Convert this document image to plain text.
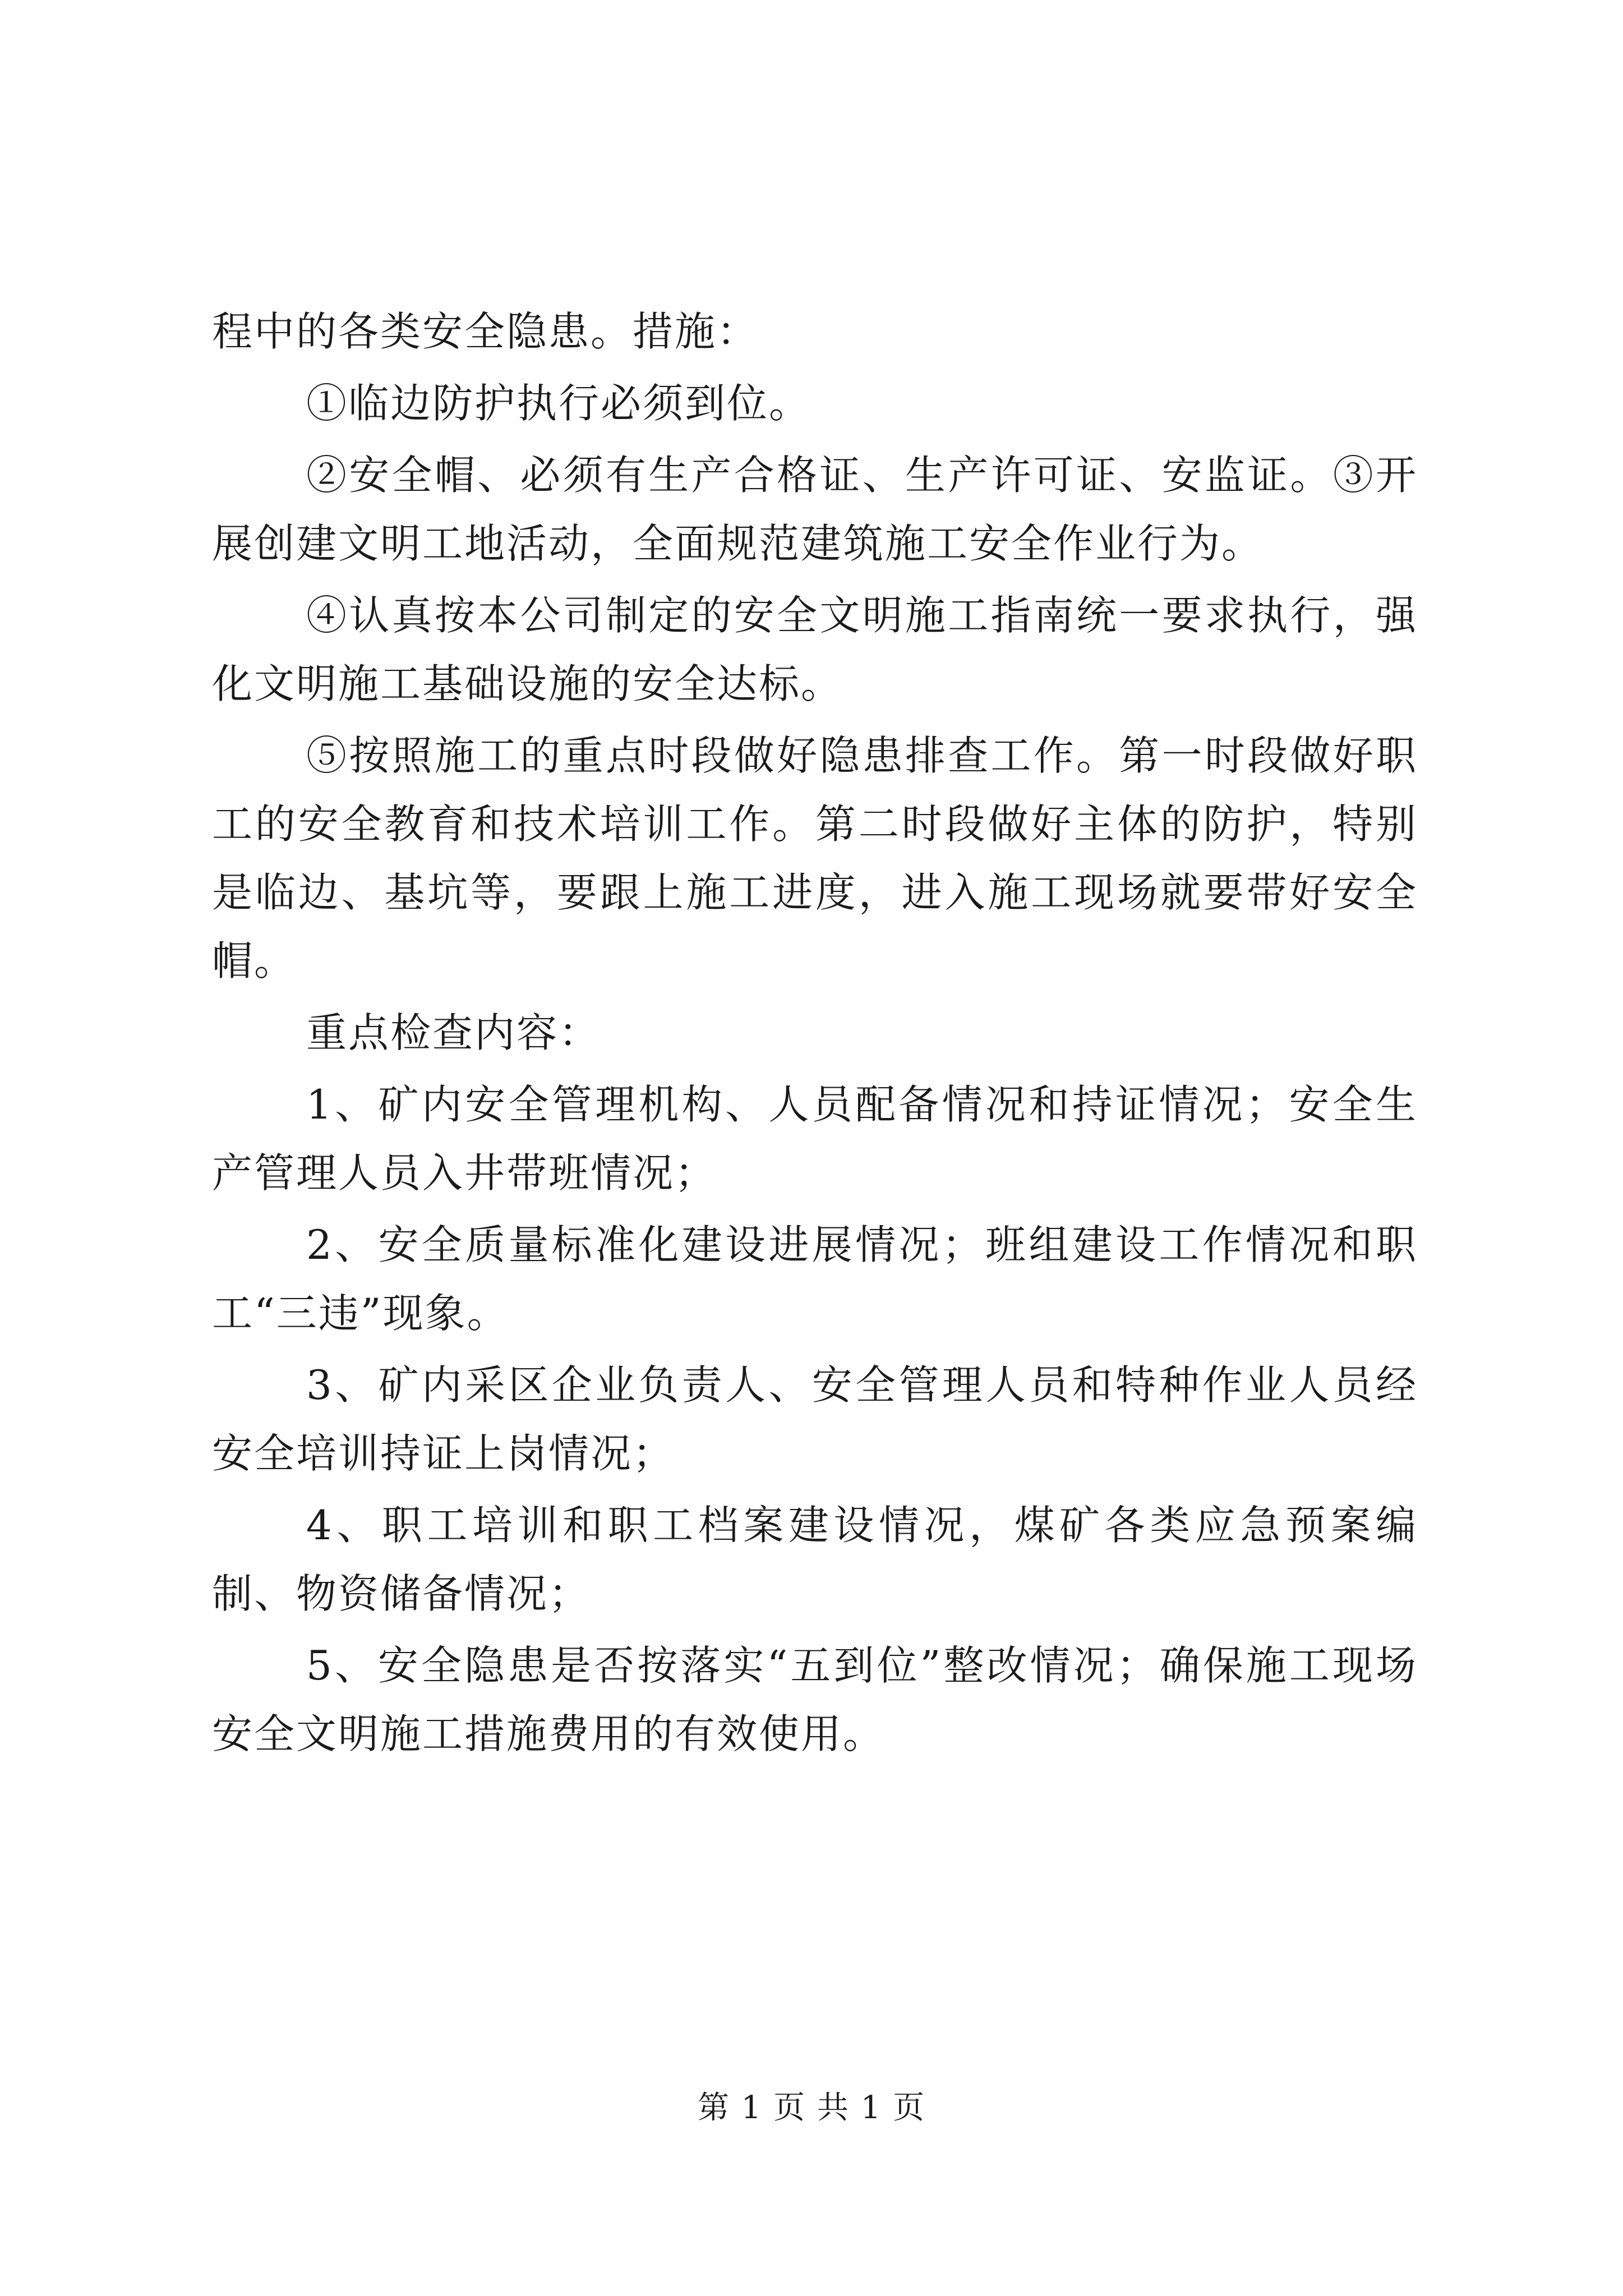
程中的各类安全隐患。措施：

①临边防护执行必须到位。

②安全帽、必须有生产合格证、生产许可证、安监证。③开展创建文明工地活动，全面规范建筑施工安全作业行为。

④认真按本公司制定的安全文明施工指南统一要求执行，强化文明施工基础设施的安全达标。

⑤按照施工的重点时段做好隐患排查工作。第一时段做好职工的安全教育和技术培训工作。第二时段做好主体的防护，特别是临边、基坑等，要跟上施工进度，进入施工现场就要带好安全帽。

重点检查内容：

1、矿内安全管理机构、人员配备情况和持证情况；安全生产管理人员入井带班情况；

2、安全质量标准化建设进展情况；班组建设工作情况和职工“三违”现象。

3、矿内采区企业负责人、安全管理人员和特种作业人员经安全培训持证上岗情况；

4、职工培训和职工档案建设情况，煤矿各类应急预案编制、物资储备情况；

5、安全隐患是否按落实“五到位”整改情况；确保施工现场安全文明施工措施费用的有效使用。

第 1 页 共 1 页
